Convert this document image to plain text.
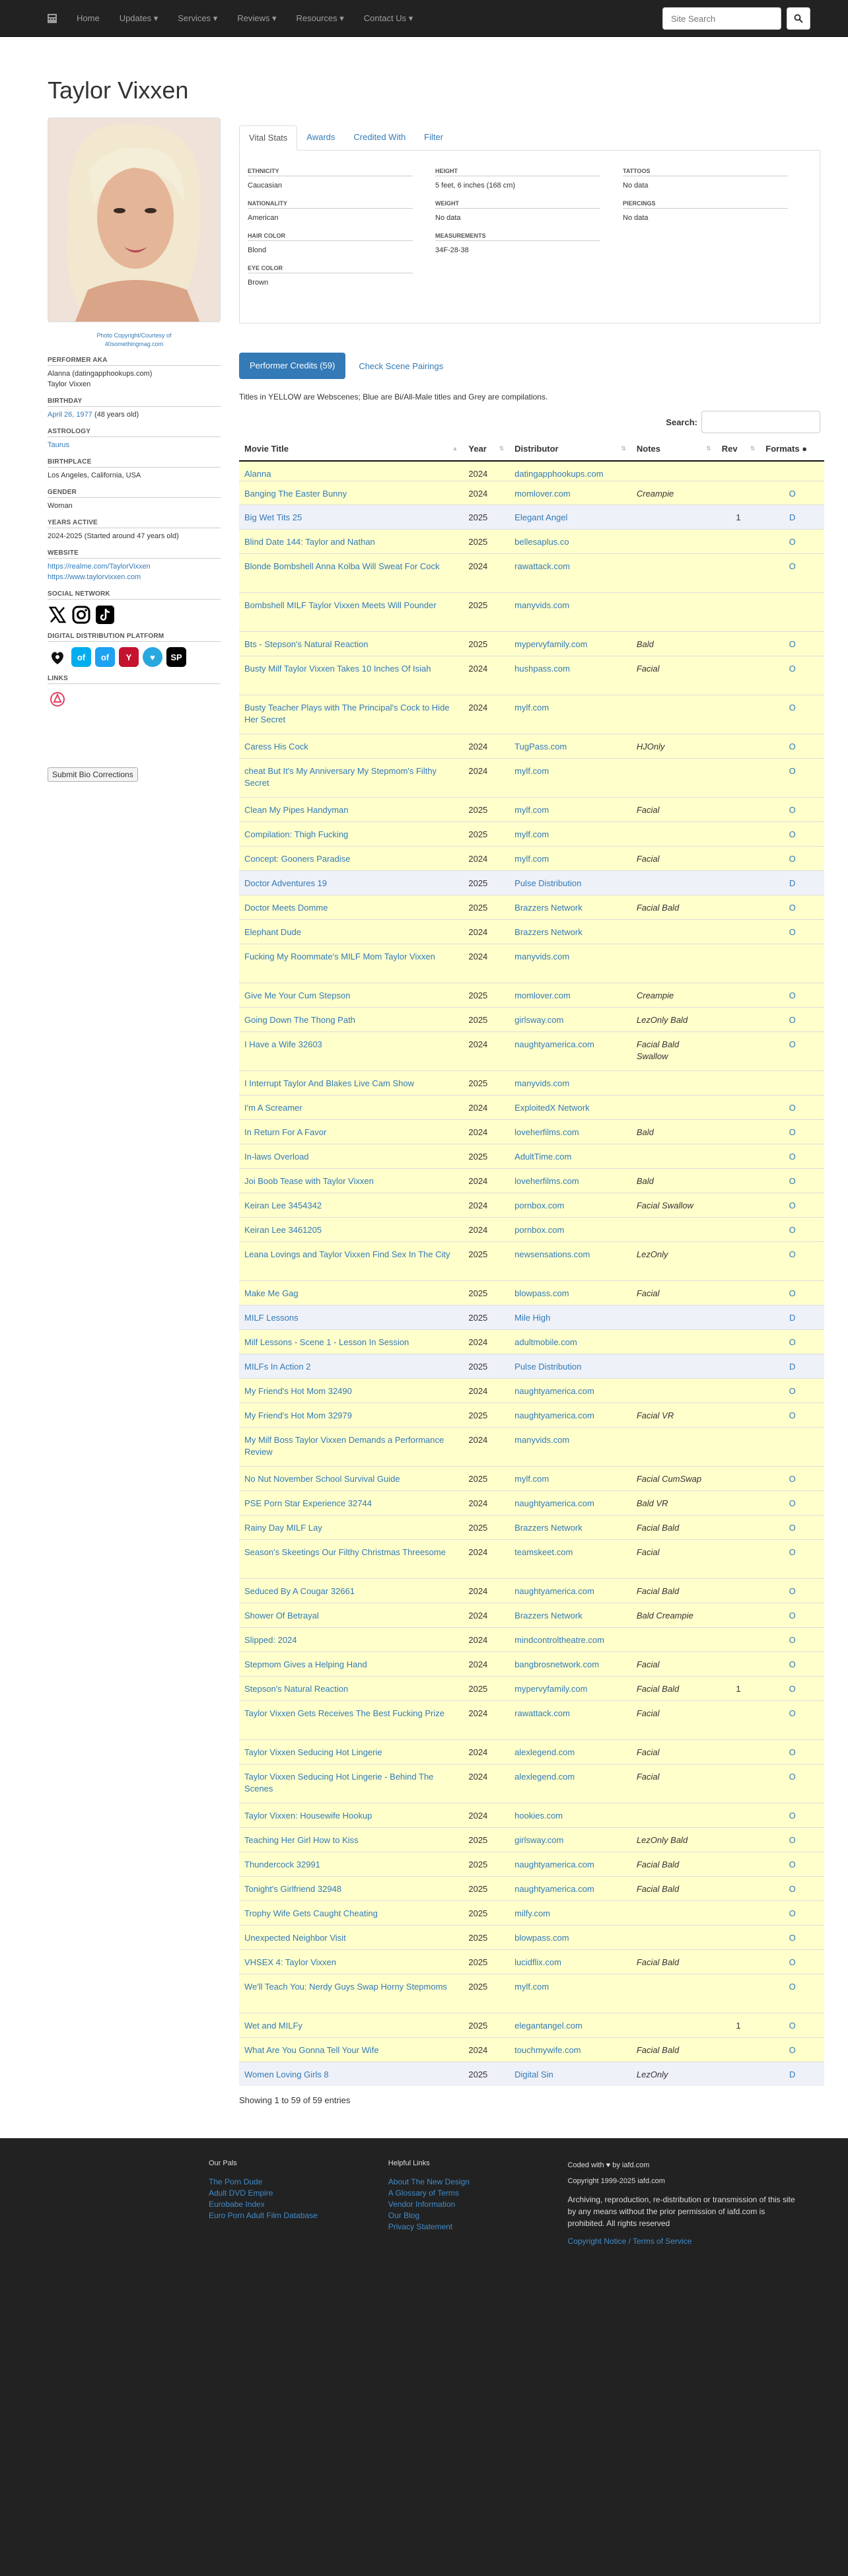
Home	Updates ▾	Services ▾	Reviews ▾	Resources ▾	Contact Us ▾
Site Search
Taylor Vixxen
Photo Copyright/Courtesy of
40somethingmag.com
PERFORMER AKA
Alanna (datingapphookups.com)
Taylor Vixxen
BIRTHDAY
April 26, 1977 (48 years old)
ASTROLOGY
Taurus
BIRTHPLACE
Los Angeles, California, USA
GENDER
Woman
YEARS ACTIVE
2024-2025 (Started around 47 years old)
WEBSITE
https://realme.com/TaylorVixxen
https://www.taylorvixxen.com
SOCIAL NETWORK
DIGITAL DISTRIBUTION PLATFORM
of	of	Y	♥	SP
LINKS
Submit Bio Corrections
Vital Stats	Awards	Credited With	Filter
ETHNICITY
Caucasian
NATIONALITY
American
HAIR COLOR
Blond
EYE COLOR
Brown
HEIGHT
5 feet, 6 inches (168 cm)
WEIGHT
No data
MEASUREMENTS
34F-28-38
TATTOOS
No data
PIERCINGS
No data
Performer Credits (59)	Check Scene Pairings
Titles in YELLOW are Webscenes; Blue are Bi/All-Male titles and Grey are compilations.
Search:
Movie Title ▲	Year ⇅	Distributor ⇅	Notes ⇅	Rev ⇅	Formats ●
Alanna	2024	datingapphookups.com			
Banging The Easter Bunny	2024	momlover.com	Creampie		O
Big Wet Tits 25	2025	Elegant Angel		1	D
Blind Date 144: Taylor and Nathan	2025	bellesaplus.co			O
Blonde Bombshell Anna Kolba Will Sweat For Cock	2024	rawattack.com			O
Bombshell MILF Taylor Vixxen Meets Will Pounder	2025	manyvids.com			
Bts - Stepson's Natural Reaction	2025	mypervyfamily.com	Bald		O
Busty Milf Taylor Vixxen Takes 10 Inches Of Isiah	2024	hushpass.com	Facial		O
Busty Teacher Plays with The Principal's Cock to Hide Her Secret	2024	mylf.com			O
Caress His Cock	2024	TugPass.com	HJOnly		O
cheat But It's My Anniversary My Stepmom's Filthy Secret	2024	mylf.com			O
Clean My Pipes Handyman	2025	mylf.com	Facial		O
Compilation: Thigh Fucking	2025	mylf.com			O
Concept: Gooners Paradise	2024	mylf.com	Facial		O
Doctor Adventures 19	2025	Pulse Distribution			D
Doctor Meets Domme	2025	Brazzers Network	Facial Bald		O
Elephant Dude	2024	Brazzers Network			O
Fucking My Roommate's MILF Mom Taylor Vixxen	2024	manyvids.com			
Give Me Your Cum Stepson	2025	momlover.com	Creampie		O
Going Down The Thong Path	2025	girlsway.com	LezOnly Bald		O
I Have a Wife 32603	2024	naughtyamerica.com	Facial Bald Swallow		O
I Interrupt Taylor And Blakes Live Cam Show	2025	manyvids.com			
I'm A Screamer	2024	ExploitedX Network			O
In Return For A Favor	2024	loveherfilms.com	Bald		O
In-laws Overload	2025	AdultTime.com			O
Joi Boob Tease with Taylor Vixxen	2024	loveherfilms.com	Bald		O
Keiran Lee 3454342	2024	pornbox.com	Facial Swallow		O
Keiran Lee 3461205	2024	pornbox.com			O
Leana Lovings and Taylor Vixxen Find Sex In The City	2025	newsensations.com	LezOnly		O
Make Me Gag	2025	blowpass.com	Facial		O
MILF Lessons	2025	Mile High			D
Milf Lessons - Scene 1 - Lesson In Session	2024	adultmobile.com			O
MILFs In Action 2	2025	Pulse Distribution			D
My Friend's Hot Mom 32490	2024	naughtyamerica.com			O
My Friend's Hot Mom 32979	2025	naughtyamerica.com	Facial VR		O
My Milf Boss Taylor Vixxen Demands a Performance Review	2024	manyvids.com			
No Nut November School Survival Guide	2025	mylf.com	Facial CumSwap		O
PSE Porn Star Experience 32744	2024	naughtyamerica.com	Bald VR		O
Rainy Day MILF Lay	2025	Brazzers Network	Facial Bald		O
Season's Skeetings Our Filthy Christmas Threesome	2024	teamskeet.com	Facial		O
Seduced By A Cougar 32661	2024	naughtyamerica.com	Facial Bald		O
Shower Of Betrayal	2024	Brazzers Network	Bald Creampie		O
Slipped: 2024	2024	mindcontroltheatre.com			O
Stepmom Gives a Helping Hand	2024	bangbrosnetwork.com	Facial		O
Stepson's Natural Reaction	2025	mypervyfamily.com	Facial Bald	1	O
Taylor Vixxen Gets Receives The Best Fucking Prize	2024	rawattack.com	Facial		O
Taylor Vixxen Seducing Hot Lingerie	2024	alexlegend.com	Facial		O
Taylor Vixxen Seducing Hot Lingerie - Behind The Scenes	2024	alexlegend.com	Facial		O
Taylor Vixxen: Housewife Hookup	2024	hookies.com			O
Teaching Her Girl How to Kiss	2025	girlsway.com	LezOnly Bald		O
Thundercock 32991	2025	naughtyamerica.com	Facial Bald		O
Tonight's Girlfriend 32948	2025	naughtyamerica.com	Facial Bald		O
Trophy Wife Gets Caught Cheating	2025	milfy.com			O
Unexpected Neighbor Visit	2025	blowpass.com			O
VHSEX 4: Taylor Vixxen	2025	lucidflix.com	Facial Bald		O
We'll Teach You: Nerdy Guys Swap Horny Stepmoms	2025	mylf.com			O
Wet and MILFy	2025	elegantangel.com		1	O
What Are You Gonna Tell Your Wife	2024	touchmywife.com	Facial Bald		O
Women Loving Girls 8	2025	Digital Sin	LezOnly		D
Showing 1 to 59 of 59 entries
Our Pals
The Porn Dude
Adult DVD Empire
Eurobabe Index
Euro Porn Adult Film Database
Helpful Links
About The New Design
A Glossary of Terms
Vendor Information
Our Blog
Privacy Statement
Coded with ♥ by iafd.com
Copyright 1999-2025 iafd.com
Archiving, reproduction, re-distribution or transmission of this site by any means without the prior permission of iafd.com is prohibited. All rights reserved
Copyright Notice / Terms of Service
